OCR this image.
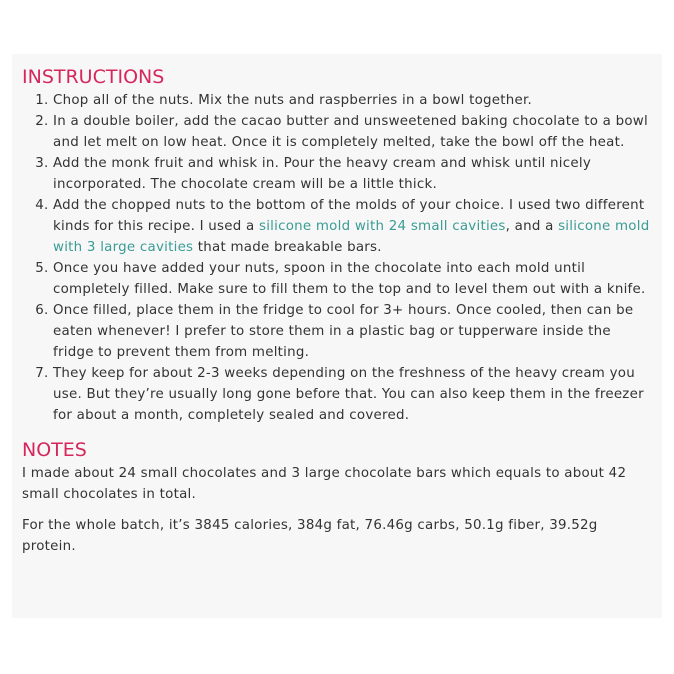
INSTRUCTIONS
1. Chop all of the nuts. Mix the nuts and raspberries in a bowl together.
2. In a double boiler, add the cacao butter and unsweetened baking chocolate to a bowl and let melt on low heat. Once it is completely melted, take the bowl off the heat.
3. Add the monk fruit and whisk in. Pour the heavy cream and whisk until nicely incorporated. The chocolate cream will be a little thick.
4. Add the chopped nuts to the bottom of the molds of your choice. I used two different kinds for this recipe. I used a silicone mold with 24 small cavities, and a silicone mold with 3 large cavities that made breakable bars.
5. Once you have added your nuts, spoon in the chocolate into each mold until completely filled. Make sure to fill them to the top and to level them out with a knife.
6. Once filled, place them in the fridge to cool for 3+ hours. Once cooled, then can be eaten whenever! I prefer to store them in a plastic bag or tupperware inside the fridge to prevent them from melting.
7. They keep for about 2-3 weeks depending on the freshness of the heavy cream you use. But they’re usually long gone before that. You can also keep them in the freezer for about a month, completely sealed and covered.
NOTES

I made about 24 small chocolates and 3 large chocolate bars which equals to about 42 small chocolates in total.

For the whole batch, it’s 3845 calories, 384g fat, 76.46g carbs, 50.1g fiber, 39.52g protein.
